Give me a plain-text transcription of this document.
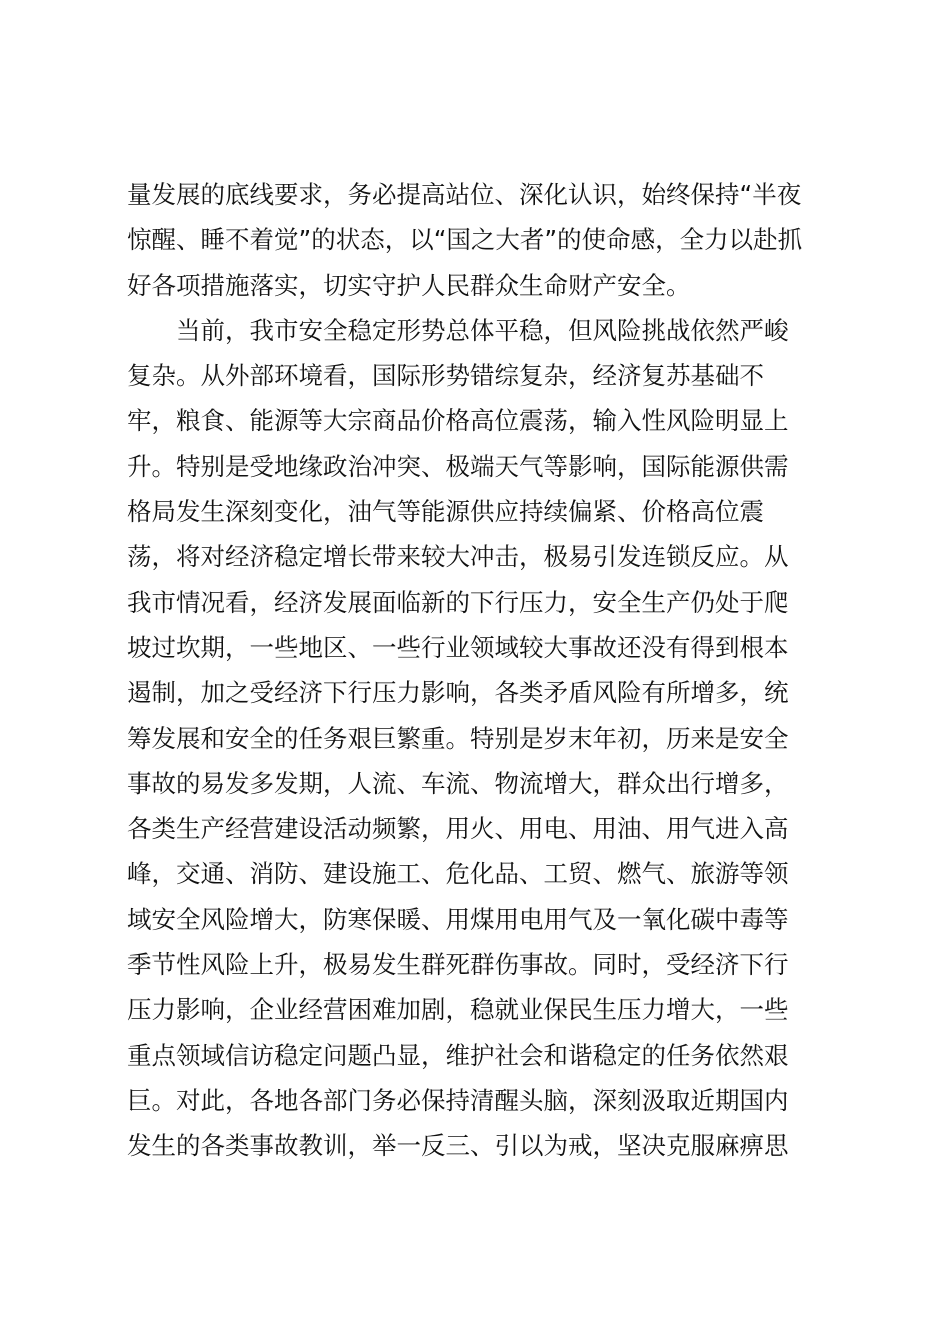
量发展的底线要求，务必提高站位、深化认识，始终保持“半夜
惊醒、睡不着觉”的状态，以“国之大者”的使命感，全力以赴抓
好各项措施落实，切实守护人民群众生命财产安全。
当前，我市安全稳定形势总体平稳，但风险挑战依然严峻
复杂。从外部环境看，国际形势错综复杂，经济复苏基础不
牢，粮食、能源等大宗商品价格高位震荡，输入性风险明显上
升。特别是受地缘政治冲突、极端天气等影响，国际能源供需
格局发生深刻变化，油气等能源供应持续偏紧、价格高位震
荡，将对经济稳定增长带来较大冲击，极易引发连锁反应。从
我市情况看，经济发展面临新的下行压力，安全生产仍处于爬
坡过坎期，一些地区、一些行业领域较大事故还没有得到根本
遏制，加之受经济下行压力影响，各类矛盾风险有所增多，统
筹发展和安全的任务艰巨繁重。特别是岁末年初，历来是安全
事故的易发多发期，人流、车流、物流增大，群众出行增多，
各类生产经营建设活动频繁，用火、用电、用油、用气进入高
峰，交通、消防、建设施工、危化品、工贸、燃气、旅游等领
域安全风险增大，防寒保暖、用煤用电用气及一氧化碳中毒等
季节性风险上升，极易发生群死群伤事故。同时，受经济下行
压力影响，企业经营困难加剧，稳就业保民生压力增大，一些
重点领域信访稳定问题凸显，维护社会和谐稳定的任务依然艰
巨。对此，各地各部门务必保持清醒头脑，深刻汲取近期国内
发生的各类事故教训，举一反三、引以为戒，坚决克服麻痹思
